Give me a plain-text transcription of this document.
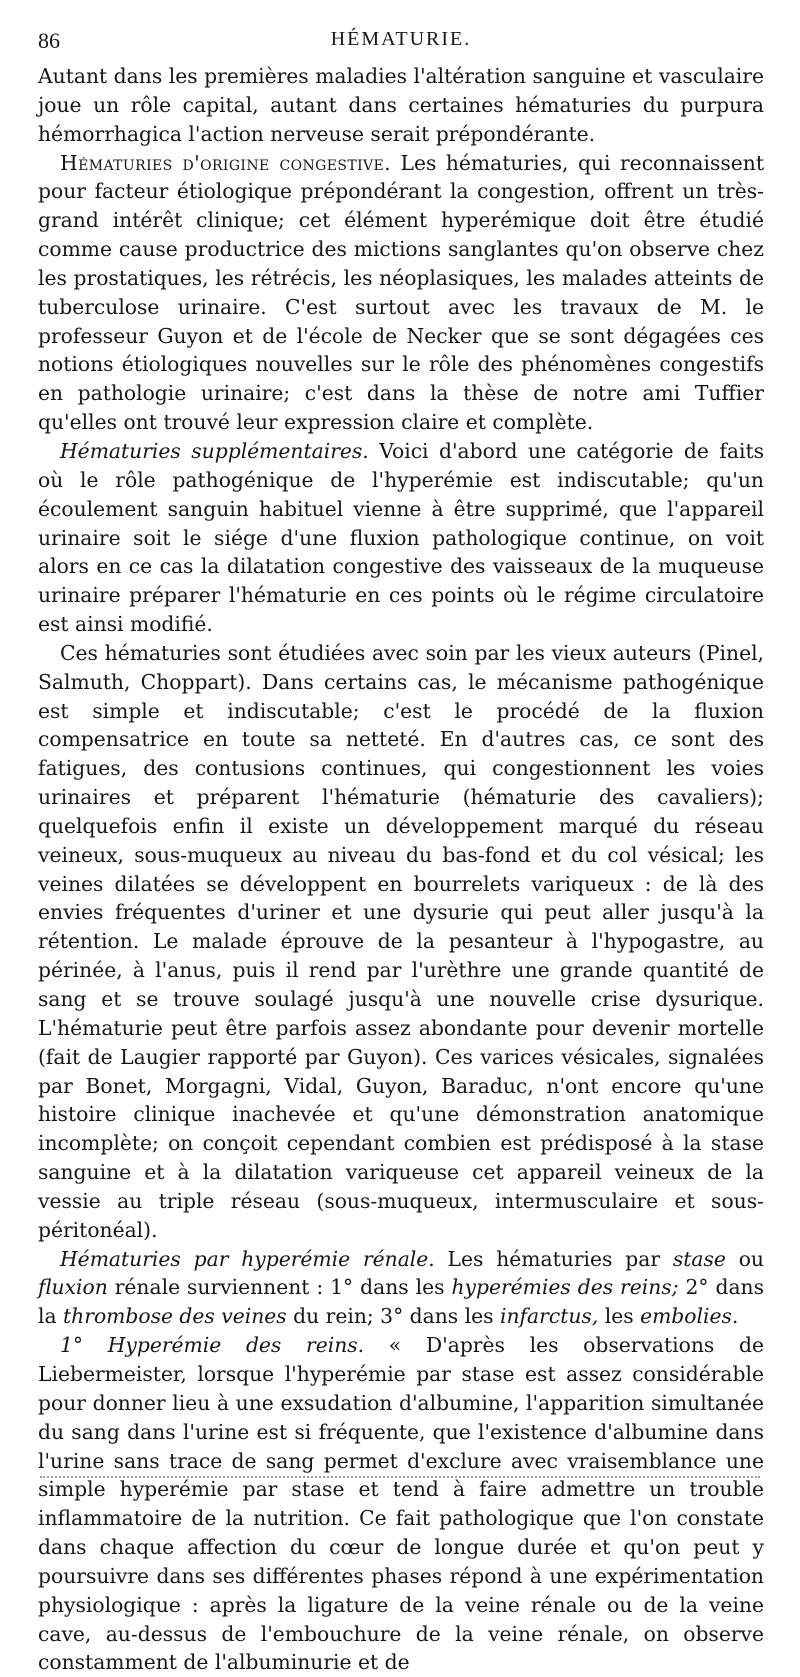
86	HÉMATURIE.

Autant dans les premières maladies l'altération sanguine et vasculaire joue un rôle capital, autant dans certaines hématuries du purpura hémorrhagica l'action nerveuse serait prépondérante.

Hématuries d'origine congestive. Les hématuries, qui reconnaissent pour facteur étiologique prépondérant la congestion, offrent un très-grand intérêt clinique; cet élément hyperémique doit être étudié comme cause productrice des mictions sanglantes qu'on observe chez les prostatiques, les rétrécis, les néoplasiques, les malades atteints de tuberculose urinaire. C'est surtout avec les travaux de M. le professeur Guyon et de l'école de Necker que se sont dégagées ces notions étiologiques nouvelles sur le rôle des phénomènes congestifs en pathologie urinaire; c'est dans la thèse de notre ami Tuffier qu'elles ont trouvé leur expression claire et complète.

Hématuries supplémentaires. Voici d'abord une catégorie de faits où le rôle pathogénique de l'hyperémie est indiscutable; qu'un écoulement sanguin habituel vienne à être supprimé, que l'appareil urinaire soit le siége d'une fluxion pathologique continue, on voit alors en ce cas la dilatation congestive des vaisseaux de la muqueuse urinaire préparer l'hématurie en ces points où le régime circulatoire est ainsi modifié.

Ces hématuries sont étudiées avec soin par les vieux auteurs (Pinel, Salmuth, Choppart). Dans certains cas, le mécanisme pathogénique est simple et indiscutable; c'est le procédé de la fluxion compensatrice en toute sa netteté. En d'autres cas, ce sont des fatigues, des contusions continues, qui congestionnent les voies urinaires et préparent l'hématurie (hématurie des cavaliers); quelquefois enfin il existe un développement marqué du réseau veineux, sous-muqueux au niveau du bas-fond et du col vésical; les veines dilatées se développent en bourrelets variqueux : de là des envies fréquentes d'uriner et une dysurie qui peut aller jusqu'à la rétention. Le malade éprouve de la pesanteur à l'hypogastre, au périnée, à l'anus, puis il rend par l'urèthre une grande quantité de sang et se trouve soulagé jusqu'à une nouvelle crise dysurique. L'hématurie peut être parfois assez abondante pour devenir mortelle (fait de Laugier rapporté par Guyon). Ces varices vésicales, signalées par Bonet, Morgagni, Vidal, Guyon, Baraduc, n'ont encore qu'une histoire clinique inachevée et qu'une démonstration anatomique incomplète; on conçoit cependant combien est prédisposé à la stase sanguine et à la dilatation variqueuse cet appareil veineux de la vessie au triple réseau (sous-muqueux, intermusculaire et sous-péritonéal).

Hématuries par hyperémie rénale. Les hématuries par stase ou fluxion rénale surviennent : 1° dans les hyperémies des reins; 2° dans la thrombose des veines du rein; 3° dans les infarctus, les embolies.

1° Hyperémie des reins. « D'après les observations de Liebermeister, lorsque l'hyperémie par stase est assez considérable pour donner lieu à une exsudation d'albumine, l'apparition simultanée du sang dans l'urine est si fréquente, que l'existence d'albumine dans l'urine sans trace de sang permet d'exclure avec vraisemblance une simple hyperémie par stase et tend à faire admettre un trouble inflammatoire de la nutrition. Ce fait pathologique que l'on constate dans chaque affection du cœur de longue durée et qu'on peut y poursuivre dans ses différentes phases répond à une expérimentation physiologique : après la ligature de la veine rénale ou de la veine cave, au-dessus de l'embouchure de la veine rénale, on observe constamment de l'albuminurie et de
